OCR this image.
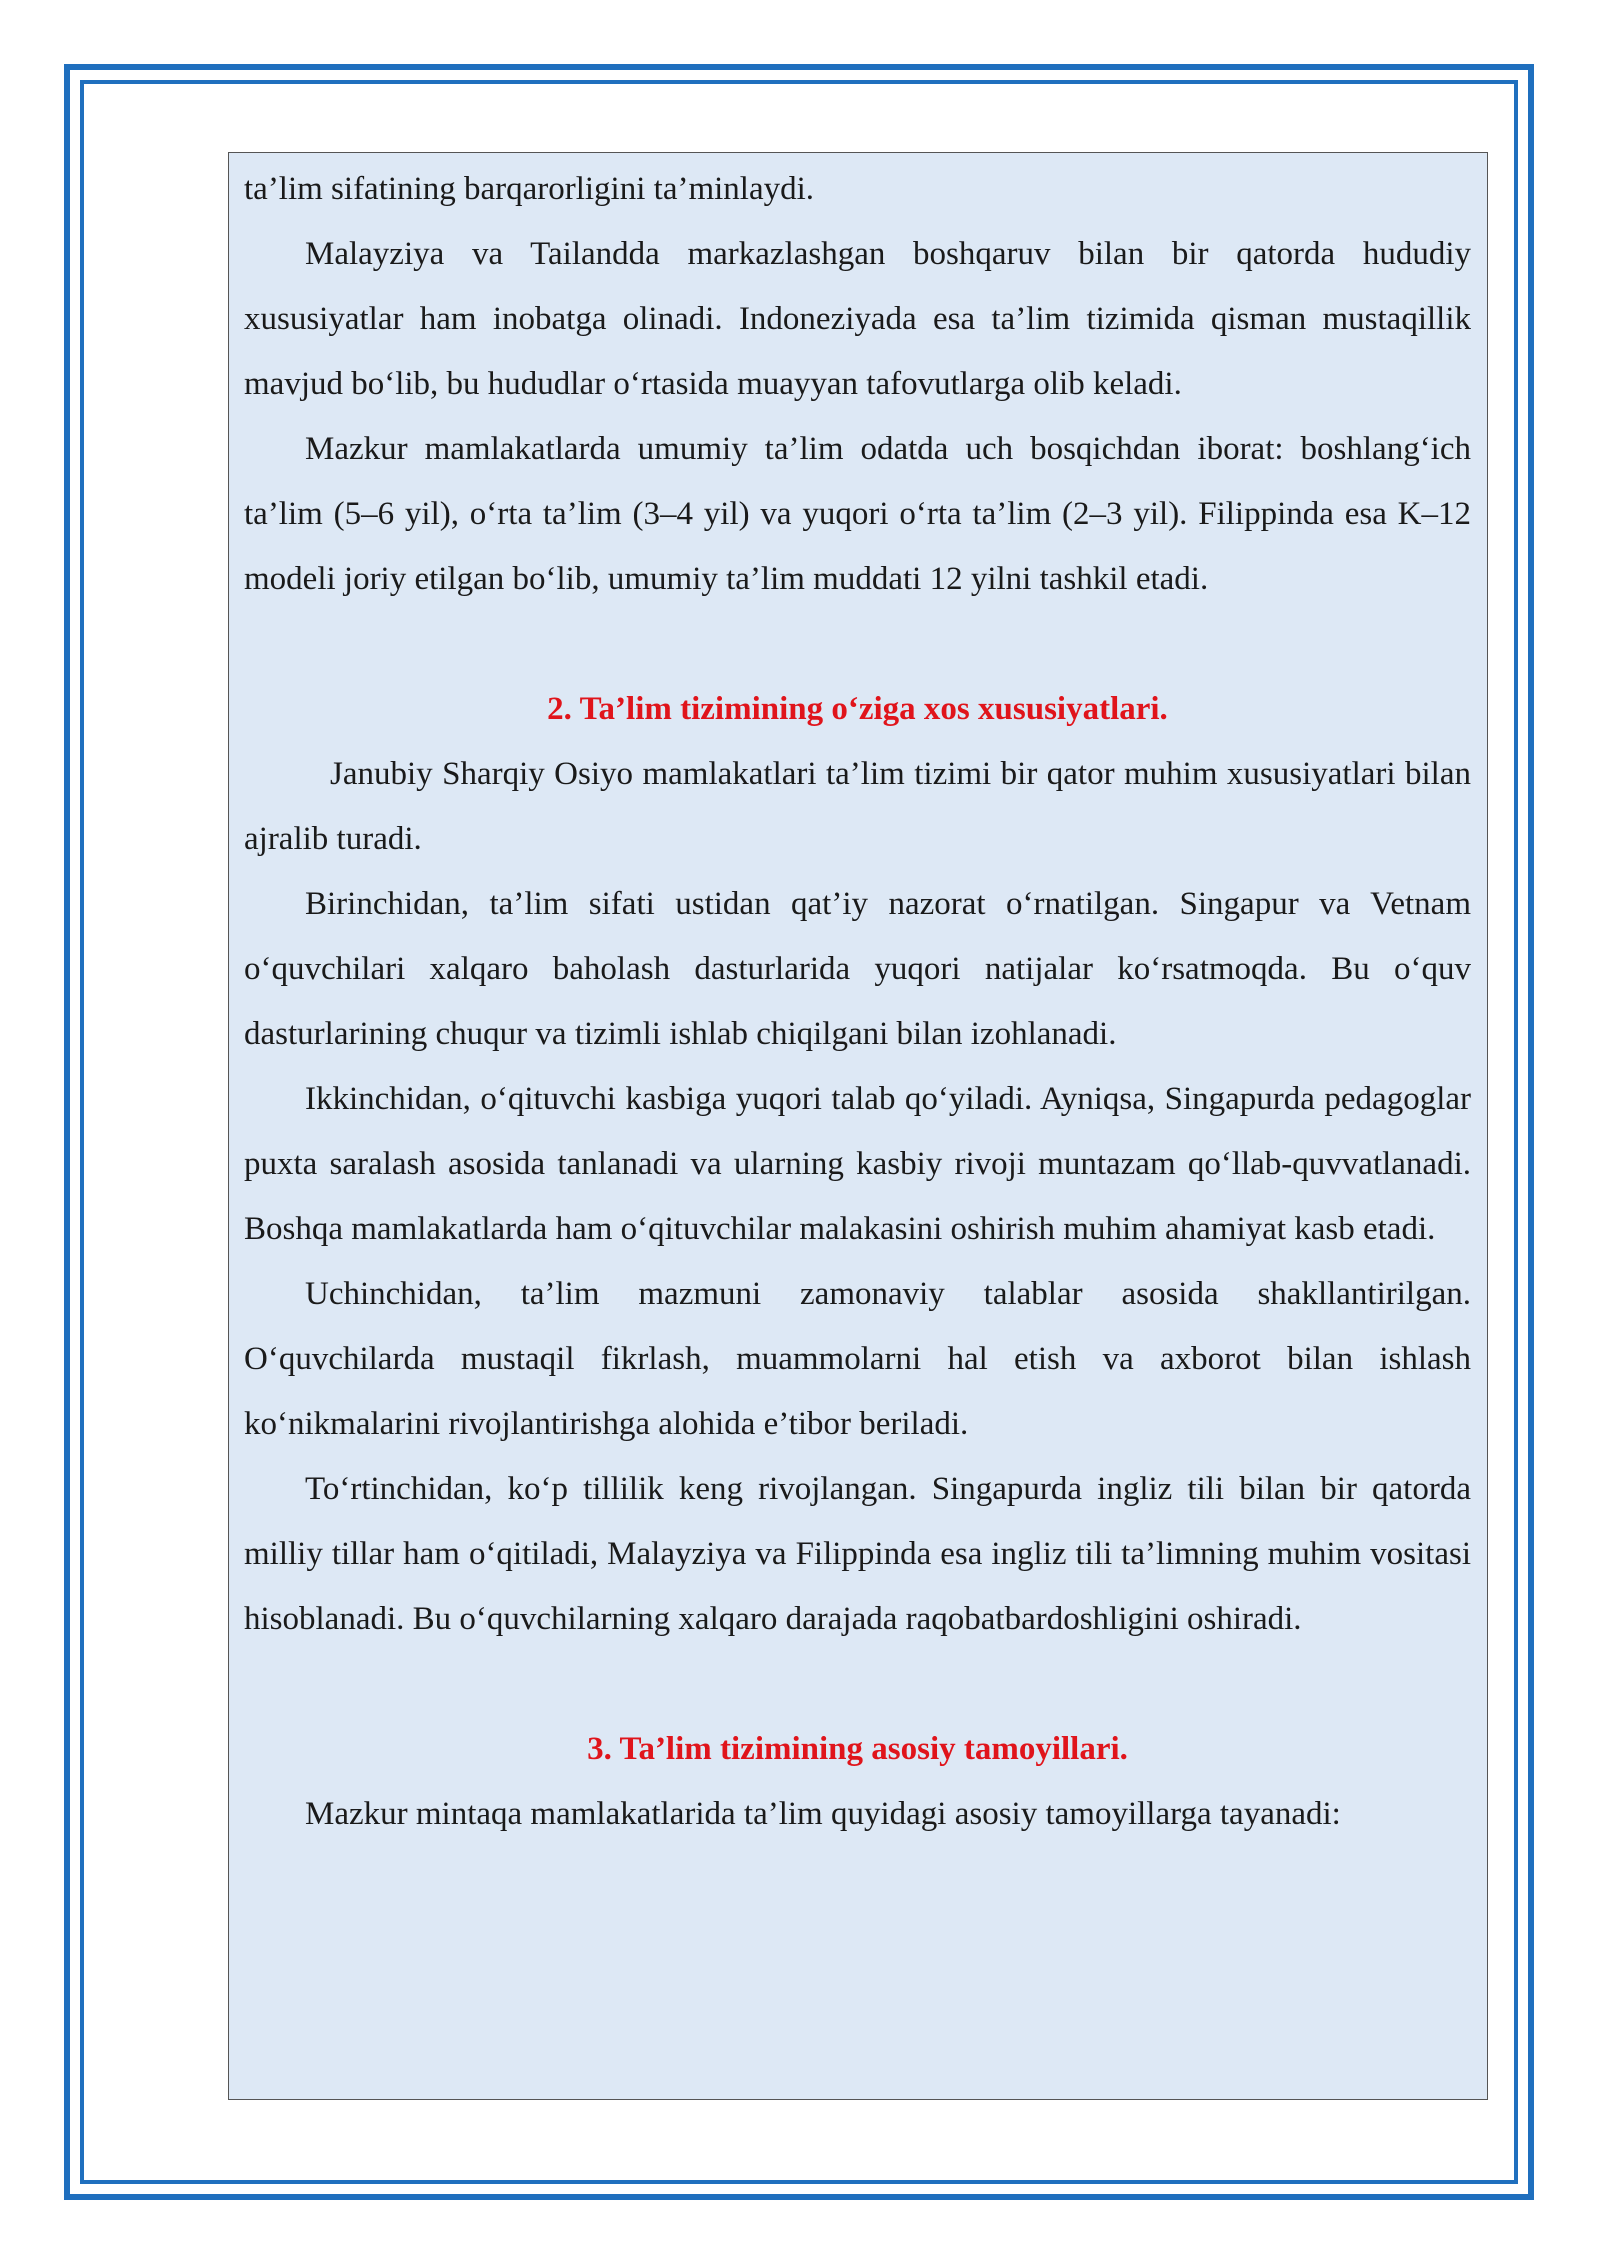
ta’lim sifatining barqarorligini ta’minlaydi.

Malayziya va Tailandda markazlashgan boshqaruv bilan bir qatorda hududiy xususiyatlar ham inobatga olinadi. Indoneziyada esa ta’lim tizimida qisman mustaqillik mavjud bo‘lib, bu hududlar o‘rtasida muayyan tafovutlarga olib keladi.

Mazkur mamlakatlarda umumiy ta’lim odatda uch bosqichdan iborat: boshlang‘ich ta’lim (5–6 yil), o‘rta ta’lim (3–4 yil) va yuqori o‘rta ta’lim (2–3 yil). Filippinda esa K–12 modeli joriy etilgan bo‘lib, umumiy ta’lim muddati 12 yilni tashkil etadi.

2. Ta’lim tizimining o‘ziga xos xususiyatlari.

Janubiy Sharqiy Osiyo mamlakatlari ta’lim tizimi bir qator muhim xususiyatlari bilan ajralib turadi.

Birinchidan, ta’lim sifati ustidan qat’iy nazorat o‘rnatilgan. Singapur va Vetnam o‘quvchilari xalqaro baholash dasturlarida yuqori natijalar ko‘rsatmoqda. Bu o‘quv dasturlarining chuqur va tizimli ishlab chiqilgani bilan izohlanadi.

Ikkinchidan, o‘qituvchi kasbiga yuqori talab qo‘yiladi. Ayniqsa, Singapurda pedagoglar puxta saralash asosida tanlanadi va ularning kasbiy rivoji muntazam qo‘llab-quvvatlanadi. Boshqa mamlakatlarda ham o‘qituvchilar malakasini oshirish muhim ahamiyat kasb etadi.

Uchinchidan, ta’lim mazmuni zamonaviy talablar asosida shakllantirilgan. O‘quvchilarda mustaqil fikrlash, muammolarni hal etish va axborot bilan ishlash ko‘nikmalarini rivojlantirishga alohida e’tibor beriladi.

To‘rtinchidan, ko‘p tillilik keng rivojlangan. Singapurda ingliz tili bilan bir qatorda milliy tillar ham o‘qitiladi, Malayziya va Filippinda esa ingliz tili ta’limning muhim vositasi hisoblanadi. Bu o‘quvchilarning xalqaro darajada raqobatbardoshligini oshiradi.

3. Ta’lim tizimining asosiy tamoyillari.

Mazkur mintaqa mamlakatlarida ta’lim quyidagi asosiy tamoyillarga tayanadi:
